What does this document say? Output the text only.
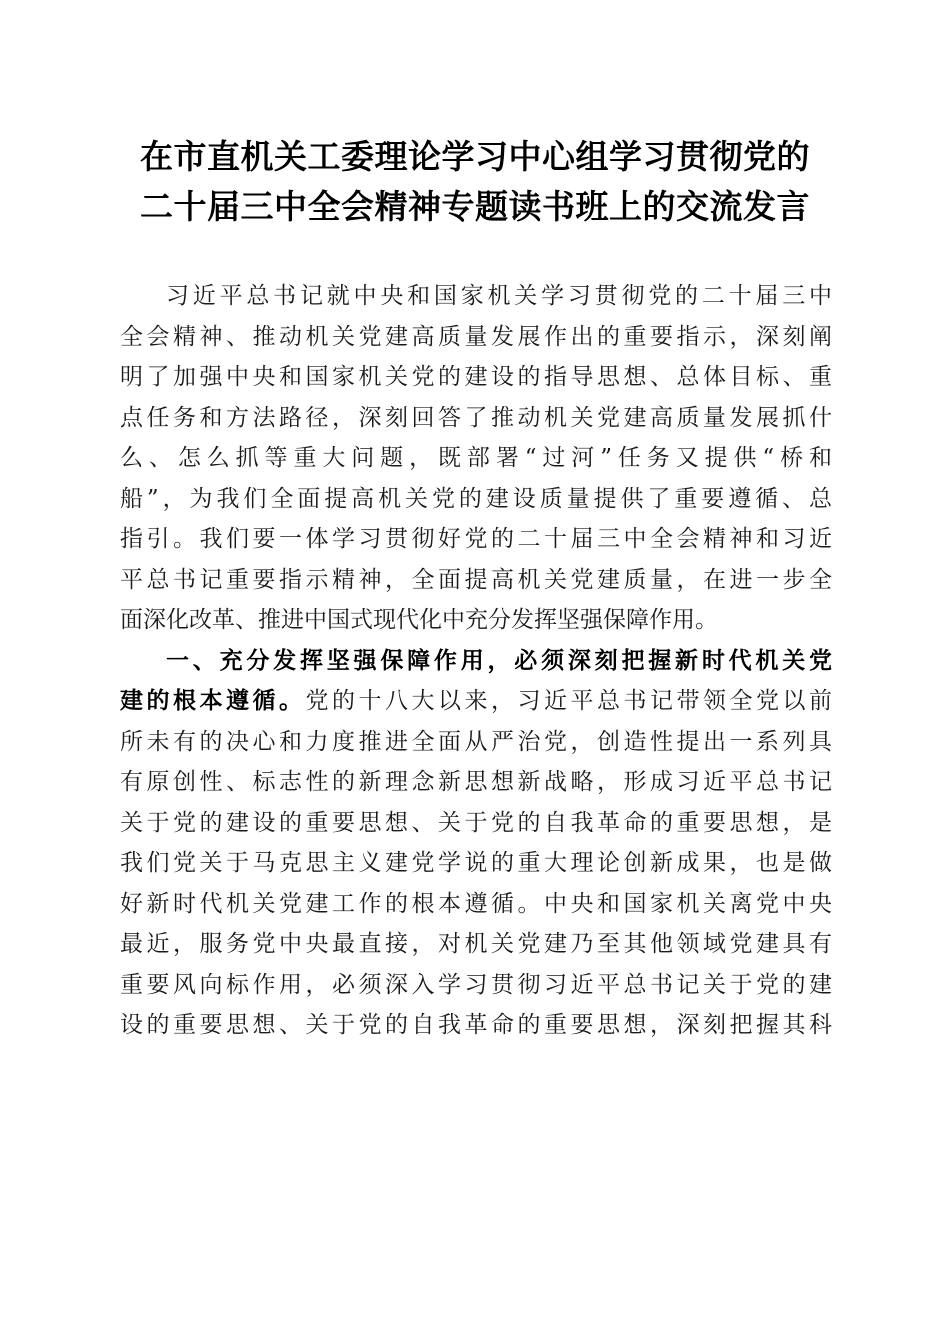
在市直机关工委理论学习中心组学习贯彻党的
二十届三中全会精神专题读书班上的交流发言
习近平总书记就中央和国家机关学习贯彻党的二十届三中
全会精神、推动机关党建高质量发展作出的重要指示，深刻阐
明了加强中央和国家机关党的建设的指导思想、总体目标、重
点任务和方法路径，深刻回答了推动机关党建高质量发展抓什
么、怎么抓等重大问题，既部署“过河”任务又提供“桥和
船”，为我们全面提高机关党的建设质量提供了重要遵循、总
指引。我们要一体学习贯彻好党的二十届三中全会精神和习近
平总书记重要指示精神，全面提高机关党建质量，在进一步全
面深化改革、推进中国式现代化中充分发挥坚强保障作用。
一、充分发挥坚强保障作用，必须深刻把握新时代机关党
建的根本遵循。党的十八大以来，习近平总书记带领全党以前
所未有的决心和力度推进全面从严治党，创造性提出一系列具
有原创性、标志性的新理念新思想新战略，形成习近平总书记
关于党的建设的重要思想、关于党的自我革命的重要思想，是
我们党关于马克思主义建党学说的重大理论创新成果，也是做
好新时代机关党建工作的根本遵循。中央和国家机关离党中央
最近，服务党中央最直接，对机关党建乃至其他领域党建具有
重要风向标作用，必须深入学习贯彻习近平总书记关于党的建
设的重要思想、关于党的自我革命的重要思想，深刻把握其科
